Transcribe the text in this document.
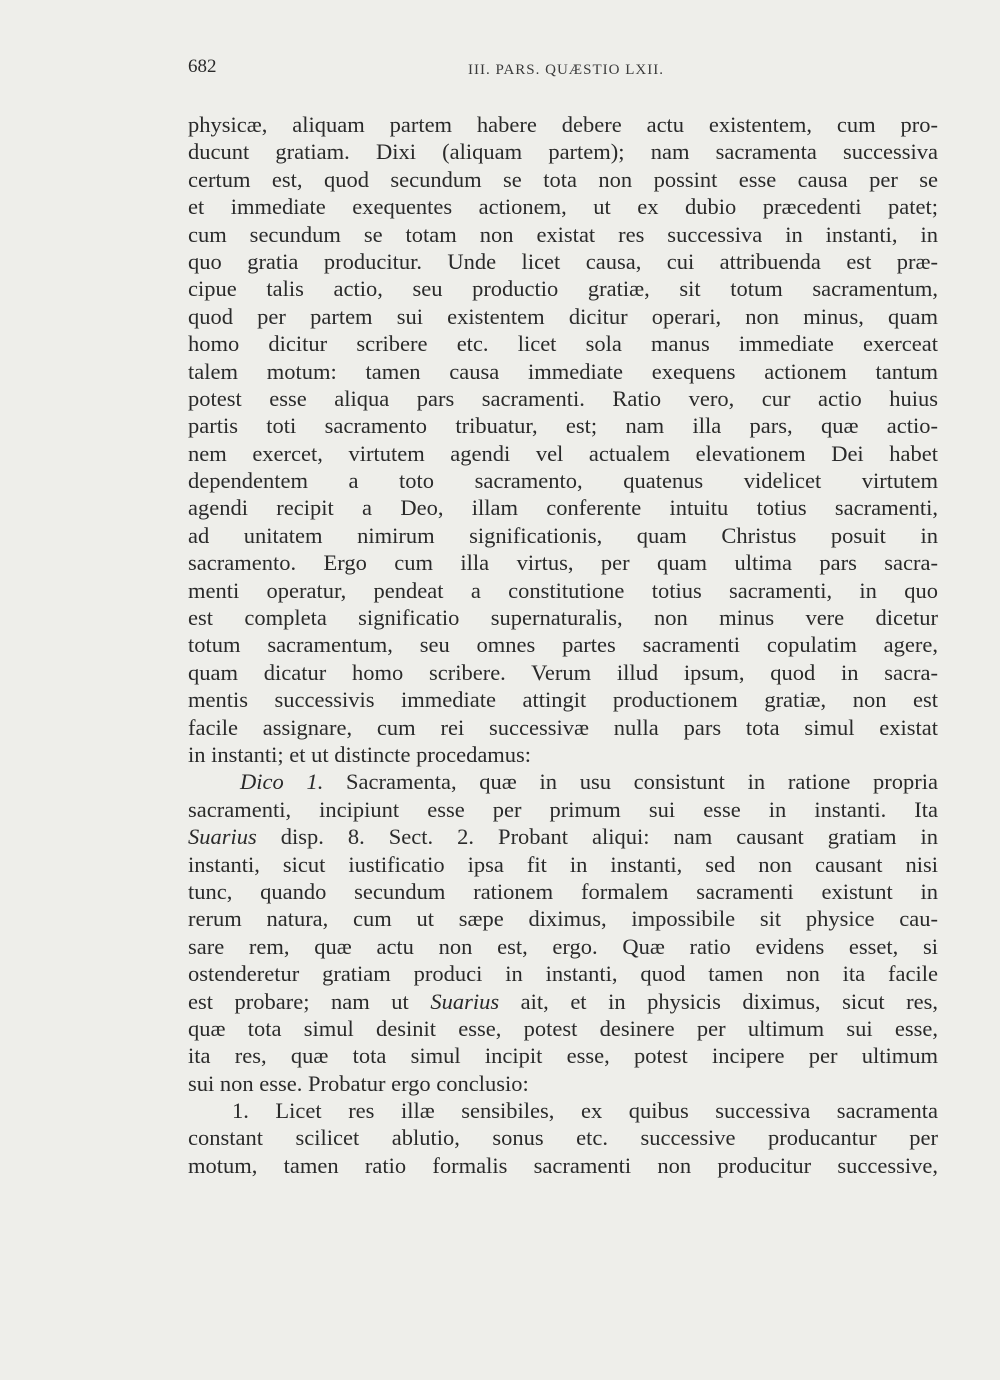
682	III. PARS. QUÆSTIO LXII.
physicæ, aliquam partem habere debere actu existentem, cum pro-
ducunt gratiam. Dixi (aliquam partem); nam sacramenta successiva
certum est, quod secundum se tota non possint esse causa per se
et immediate exequentes actionem, ut ex dubio præcedenti patet;
cum secundum se totam non existat res successiva in instanti, in
quo gratia producitur. Unde licet causa, cui attribuenda est præ-
cipue talis actio, seu productio gratiæ, sit totum sacramentum,
quod per partem sui existentem dicitur operari, non minus, quam
homo dicitur scribere etc. licet sola manus immediate exerceat
talem motum: tamen causa immediate exequens actionem tantum
potest esse aliqua pars sacramenti. Ratio vero, cur actio huius
partis toti sacramento tribuatur, est; nam illa pars, quæ actio-
nem exercet, virtutem agendi vel actualem elevationem Dei habet
dependentem a toto sacramento, quatenus videlicet virtutem
agendi recipit a Deo, illam conferente intuitu totius sacramenti,
ad unitatem nimirum significationis, quam Christus posuit in
sacramento. Ergo cum illa virtus, per quam ultima pars sacra-
menti operatur, pendeat a constitutione totius sacramenti, in quo
est completa significatio supernaturalis, non minus vere dicetur
totum sacramentum, seu omnes partes sacramenti copulatim agere,
quam dicatur homo scribere. Verum illud ipsum, quod in sacra-
mentis successivis immediate attingit productionem gratiæ, non est
facile assignare, cum rei successivæ nulla pars tota simul existat
in instanti; et ut distincte procedamus:
Dico 1. Sacramenta, quæ in usu consistunt in ratione propria
sacramenti, incipiunt esse per primum sui esse in instanti. Ita
Suarius disp. 8. Sect. 2. Probant aliqui: nam causant gratiam in
instanti, sicut iustificatio ipsa fit in instanti, sed non causant nisi
tunc, quando secundum rationem formalem sacramenti existunt in
rerum natura, cum ut sæpe diximus, impossibile sit physice cau-
sare rem, quæ actu non est, ergo. Quæ ratio evidens esset, si
ostenderetur gratiam produci in instanti, quod tamen non ita facile
est probare; nam ut Suarius ait, et in physicis diximus, sicut res,
quæ tota simul desinit esse, potest desinere per ultimum sui esse,
ita res, quæ tota simul incipit esse, potest incipere per ultimum
sui non esse. Probatur ergo conclusio:
1. Licet res illæ sensibiles, ex quibus successiva sacramenta
constant scilicet ablutio, sonus etc. successive producantur per
motum, tamen ratio formalis sacramenti non producitur successive,
